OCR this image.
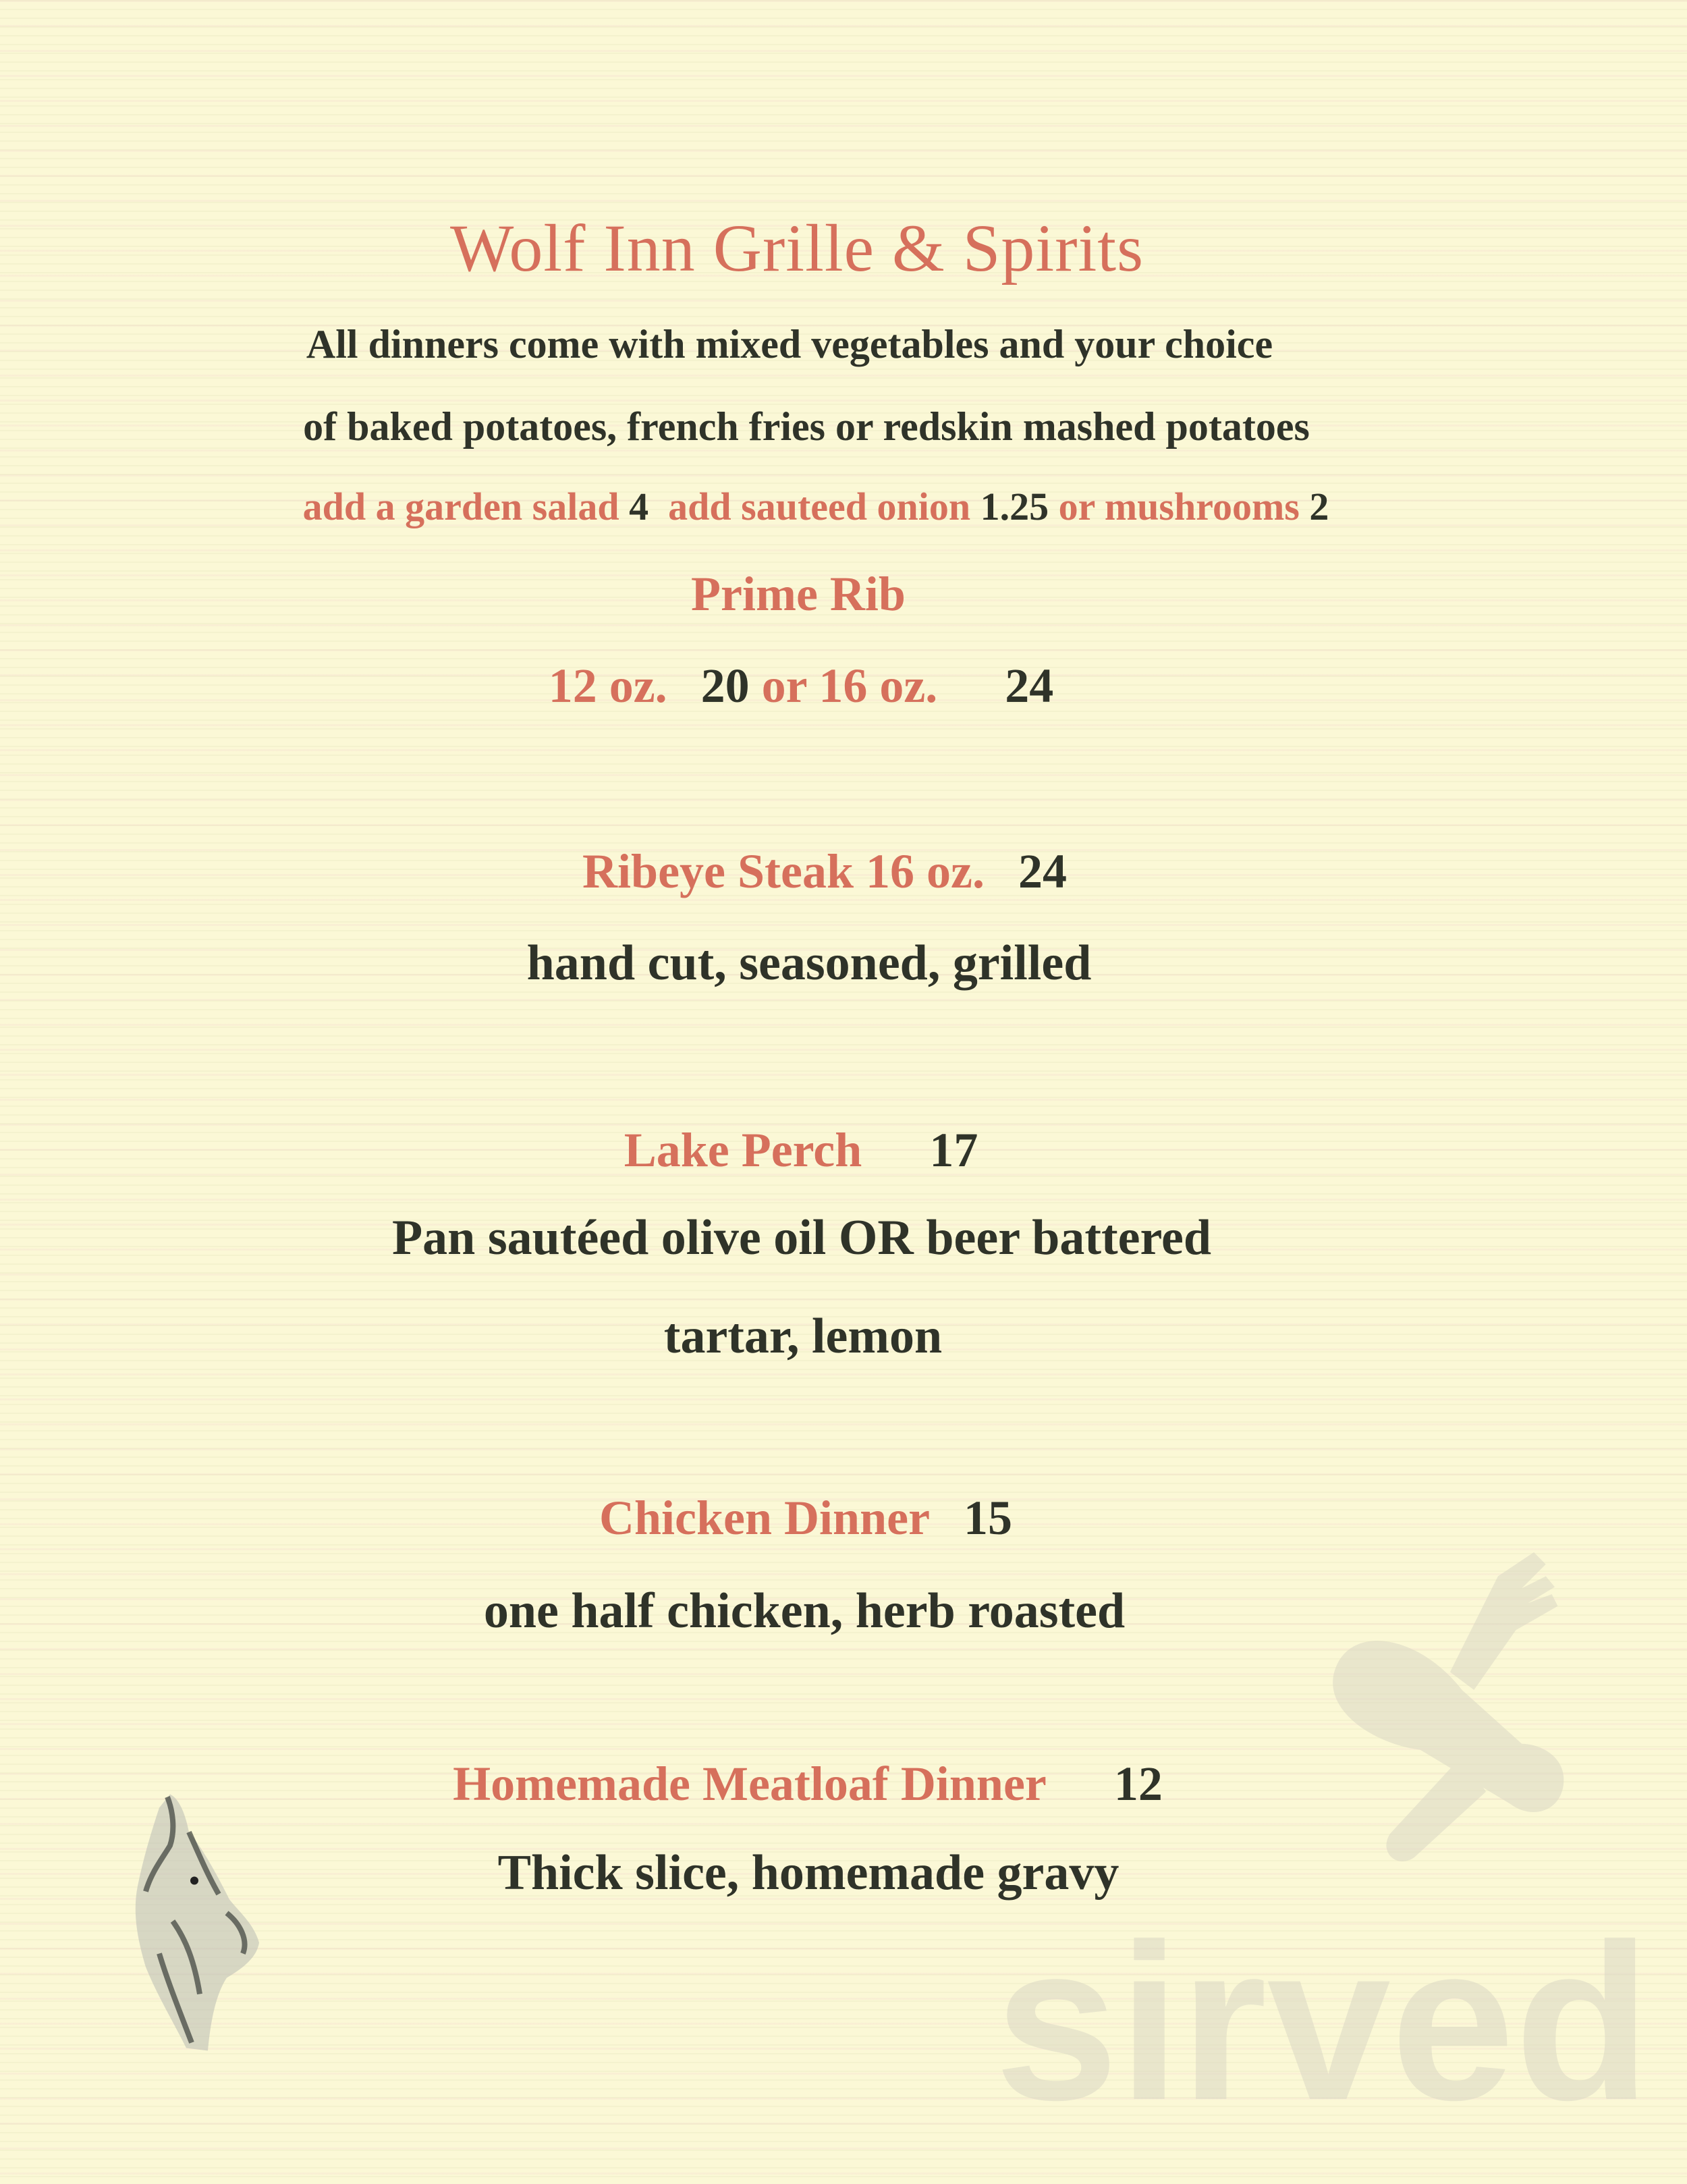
Wolf Inn Grille & Spirits
All dinners come with mixed vegetables and your choice
of baked potatoes, french fries or redskin mashed potatoes
add a garden salad 4 add sauteed onion 1.25 or mushrooms 2
Prime Rib
12 oz. 20 or 16 oz. 24
Ribeye Steak 16 oz. 24
hand cut, seasoned, grilled
Lake Perch 17
Pan sautéed olive oil OR beer battered
tartar, lemon
Chicken Dinner 15
one half chicken, herb roasted
Homemade Meatloaf Dinner 12
Thick slice, homemade gravy
sirved
